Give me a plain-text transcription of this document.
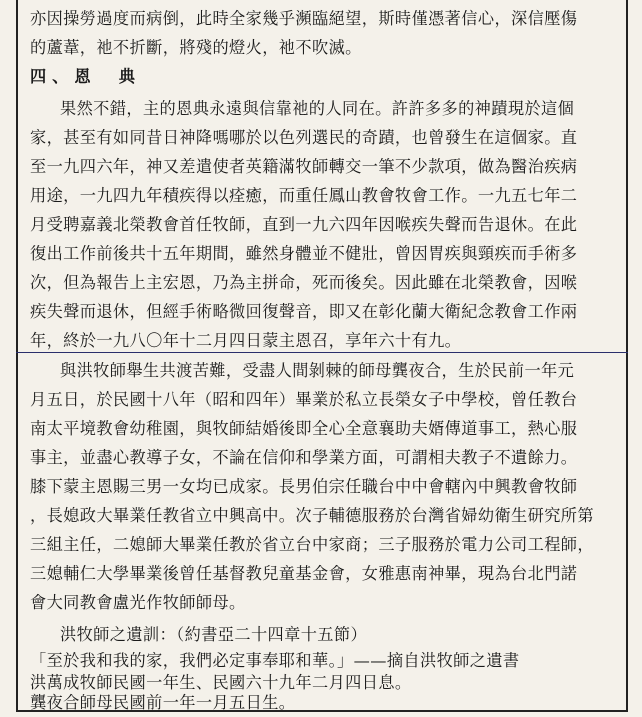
亦因操勞過度而病倒，此時全家幾乎瀕臨絕望，斯時僅憑著信心，深信壓傷
的蘆葦，祂不折斷，將殘的燈火，祂不吹滅。
四、恩　典
果然不錯，主的恩典永遠與信靠祂的人同在。許許多多的神蹟現於這個
家，甚至有如同昔日神降嗎哪於以色列選民的奇蹟，也曾發生在這個家。直
至一九四六年，神又差遣使者英籍滿牧師轉交一筆不少款項，做為醫治疾病
用途，一九四九年積疾得以痊癒，而重任鳳山教會牧會工作。一九五七年二
月受聘嘉義北榮教會首任牧師，直到一九六四年因喉疾失聲而告退休。在此
復出工作前後共十五年期間，雖然身體並不健壯，曾因胃疾與頸疾而手術多
次，但為報告上主宏恩，乃為主拼命，死而後矣。因此雖在北榮教會，因喉
疾失聲而退休，但經手術略微回復聲音，即又在彰化蘭大衛紀念教會工作兩
年，終於一九八〇年十二月四日蒙主恩召，享年六十有九。
與洪牧師舉生共渡苦難，受盡人間剝棘的師母龔夜合，生於民前一年元
月五日，於民國十八年（昭和四年）畢業於私立長榮女子中學校，曾任教台
南太平境教會幼稚園，與牧師結婚後即全心全意襄助夫婿傳道事工，熱心服
事主，並盡心教導子女，不論在信仰和學業方面，可謂相夫教子不遺餘力。
膝下蒙主恩賜三男一女均已成家。長男伯宗任職台中中會轄內中興教會牧師
，長媳政大畢業任教省立中興高中。次子輔德服務於台灣省婦幼衛生研究所第
三組主任，二媳師大畢業任教於省立台中家商；三子服務於電力公司工程師，
三媳輔仁大學畢業後曾任基督教兒童基金會，女雅惠南神畢，現為台北門諾
會大同教會盧光作牧師師母。
洪牧師之遺訓：（約書亞二十四章十五節）
「至於我和我的家，我們必定事奉耶和華。」——摘自洪牧師之遺書
洪萬成牧師民國一年生、民國六十九年二月四日息。
龔夜合師母民國前一年一月五日生。
